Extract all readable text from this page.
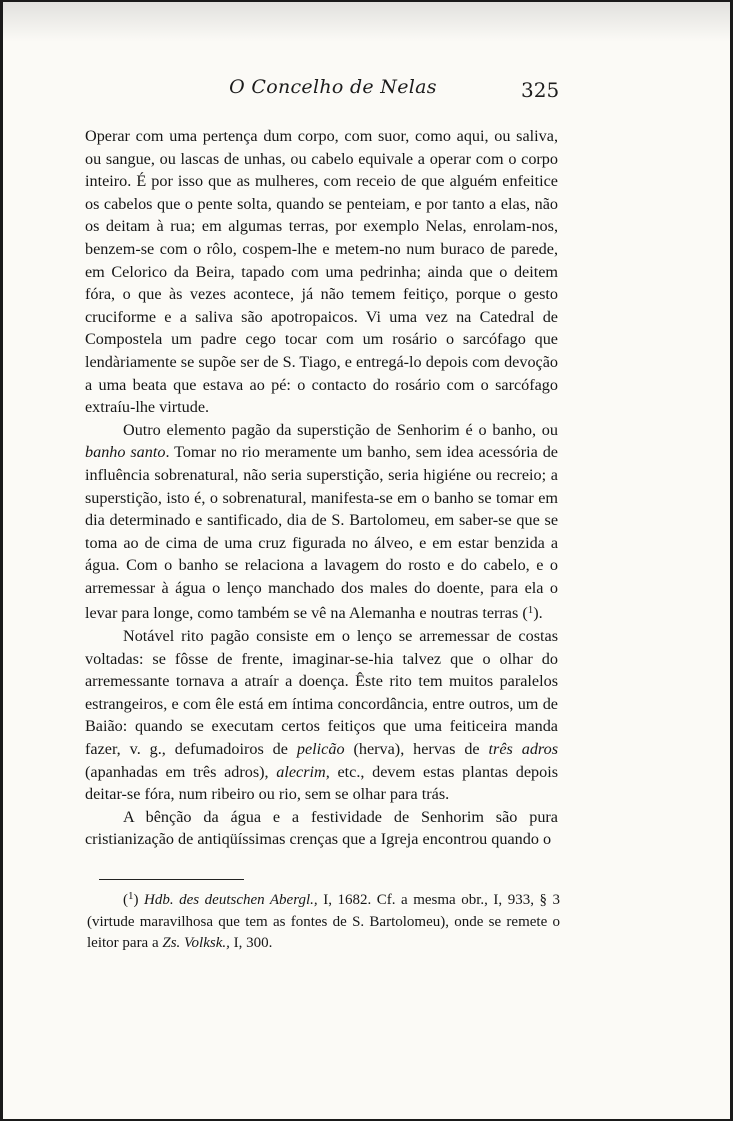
O Concelho de Nelas	325

Operar com uma pertença dum corpo, com suor, como aqui, ou saliva, ou sangue, ou lascas de unhas, ou cabelo equivale a operar com o corpo inteiro. É por isso que as mulheres, com receio de que alguém enfeitice os cabelos que o pente solta, quando se penteiam, e por tanto a elas, não os deitam à rua; em algumas terras, por exemplo Nelas, enrolam-nos, benzem-se com o rôlo, cospem-lhe e metem-no num buraco de parede, em Celorico da Beira, tapado com uma pedrinha; ainda que o deitem fóra, o que às vezes acontece, já não temem feitiço, porque o gesto cruciforme e a saliva são apotropaicos. Vi uma vez na Catedral de Compostela um padre cego tocar com um rosário o sarcófago que lendàriamente se supõe ser de S. Tiago, e entregá-lo depois com devoção a uma beata que estava ao pé: o contacto do rosário com o sarcófago extraíu-lhe virtude.

Outro elemento pagão da superstição de Senhorim é o banho, ou banho santo. Tomar no rio meramente um banho, sem idea acessória de influência sobrenatural, não seria superstição, seria higiéne ou recreio; a superstição, isto é, o sobrenatural, manifesta-se em o banho se tomar em dia determinado e santificado, dia de S. Bartolomeu, em saber-se que se toma ao de cima de uma cruz figurada no álveo, e em estar benzida a água. Com o banho se relaciona a lavagem do rosto e do cabelo, e o arremessar à água o lenço manchado dos males do doente, para ela o levar para longe, como também se vê na Alemanha e noutras terras ($^1$).

Notável rito pagão consiste em o lenço se arremessar de costas voltadas: se fôsse de frente, imaginar-se-hia talvez que o olhar do arremessante tornava a atraír a doença. Êste rito tem muitos paralelos estrangeiros, e com êle está em íntima concordância, entre outros, um de Baião: quando se executam certos feitiços que uma feiticeira manda fazer, v. g., defumadoiros de pelicão (herva), hervas de três adros (apanhadas em três adros), alecrim, etc., devem estas plantas depois deitar-se fóra, num ribeiro ou rio, sem se olhar para trás.

A bênção da água e a festividade de Senhorim são pura cristianização de antiqüíssimas crenças que a Igreja encontrou quando o

($^1$) Hdb. des deutschen Abergl., I, 1682. Cf. a mesma obr., I, 933, § 3 (virtude maravilhosa que tem as fontes de S. Bartolomeu), onde se remete o leitor para a Zs. Volksk., I, 300.
